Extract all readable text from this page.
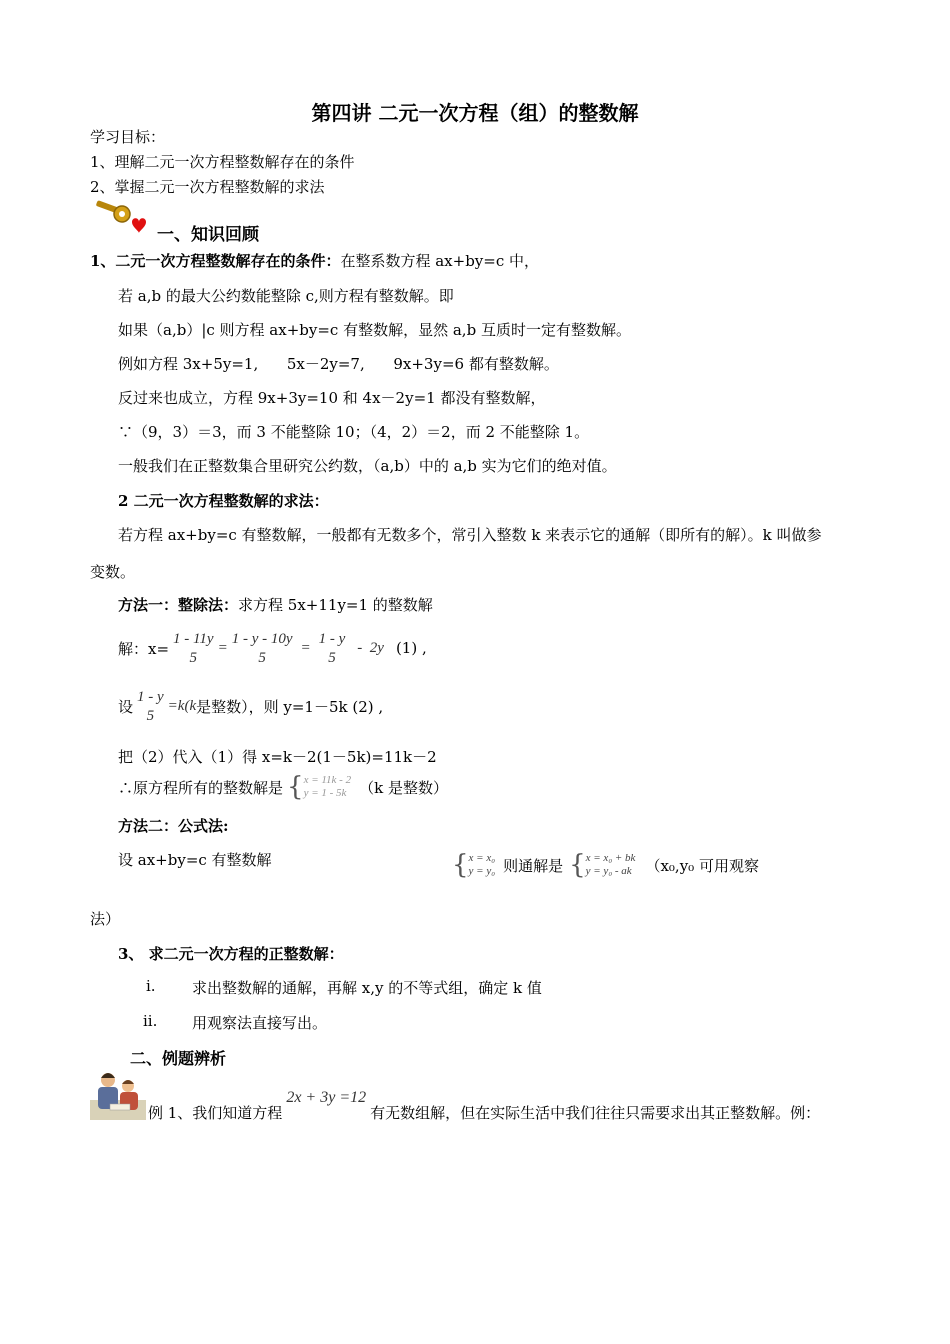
第四讲 二元一次方程（组）的整数解
学习目标：
1、理解二元一次方程整数解存在的条件
2、掌握二元一次方程整数解的求法
一、知识回顾
1、二元一次方程整数解存在的条件：在整系数方程 ax+by=c 中，
若 a,b 的最大公约数能整除 c,则方程有整数解。即
如果（a,b）|c 则方程 ax+by=c 有整数解，显然 a,b 互质时一定有整数解。
例如方程 3x+5y=1,      5x－2y=7,      9x+3y=6 都有整数解。
反过来也成立，方程 9x+3y=10 和 4x－2y=1 都没有整数解，
∵（9，3）＝3，而 3 不能整除 10；（4，2）＝2，而 2 不能整除 1。
一般我们在正整数集合里研究公约数，（a,b）中的 a,b 实为它们的绝对值。
2 二元一次方程整数解的求法：
若方程 ax+by=c 有整数解，一般都有无数多个，常引入整数 k 来表示它的通解（即所有的解）。k 叫做参
变数。
方法一：整除法：求方程 5x+11y=1 的整数解
解：x=
1 - 11y
5
=
1 - y - 10y
5
=
1 - y
5
-  2y (1) ,
设
1 - y
5
=k(k 是整数），则 y=1－5k (2) ,
把（2）代入（1）得 x=k－2(1－5k)=11k－2
∴原方程所有的整数解是 { x = 11k - 2
y = 1 - 5k （k 是整数）
方法二：公式法:
设 ax+by=c 有整数解	{ x = x₀
y = y₀ 则通解是 { x = x₀ + bk
y = y₀ - ak （x₀,y₀ 可用观察
法）
3、 求二元一次方程的正整数解：
i. 求出整数解的通解，再解 x,y 的不等式组，确定 k 值
ii. 用观察法直接写出。
二、例题辨析
例 1、我们知道方程
2x + 3y =12
有无数组解，但在实际生活中我们往往只需要求出其正整数解。例：
